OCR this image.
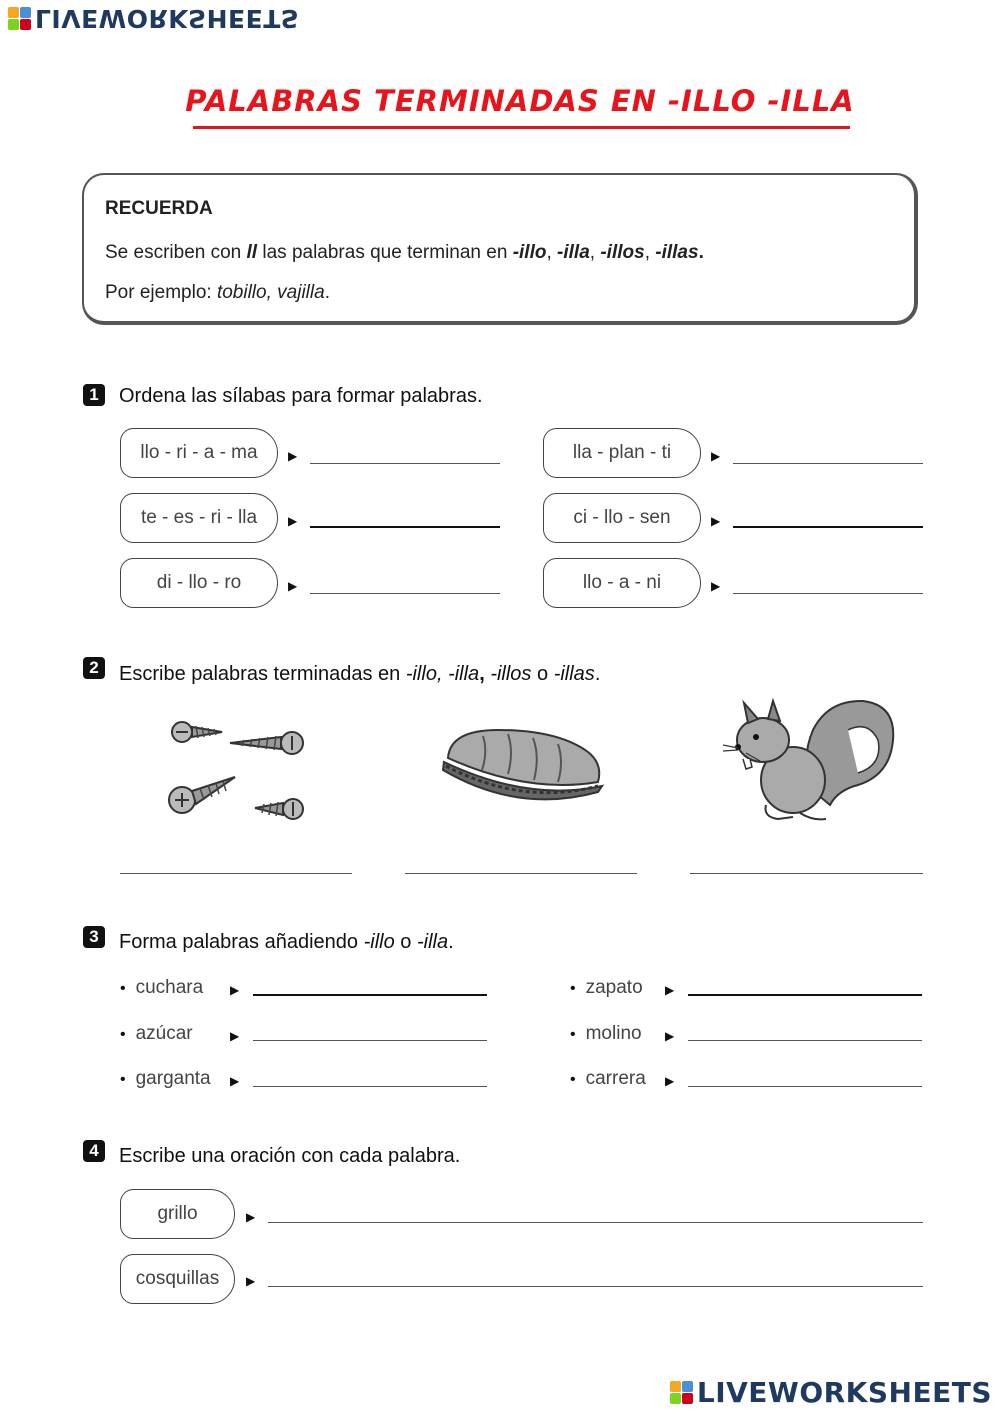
LIVEWORKSHEETS
PALABRAS TERMINADAS EN -ILLO -ILLA
RECUERDA
Se escriben con ll las palabras que terminan en -illo, -illa, -illos, -illas.
Por ejemplo: tobillo, vajilla.
1	Ordena las sílabas para formar palabras.
llo - ri - a - ma	▶	lla - plan - ti	▶
te - es - ri - lla	▶	ci - llo - sen	▶
di - llo - ro	▶	llo - a - ni	▶
2	Escribe palabras terminadas en -illo, -illa, -illos o -illas.
3	Forma palabras añadiendo -illo o -illa.
• cuchara ▶	• zapato ▶
• azúcar	▶	• molino ▶
• garganta ▶	• carrera ▶
4	Escribe una oración con cada palabra.
grillo	▶
cosquillas	▶
LIVEWORKSHEETS
